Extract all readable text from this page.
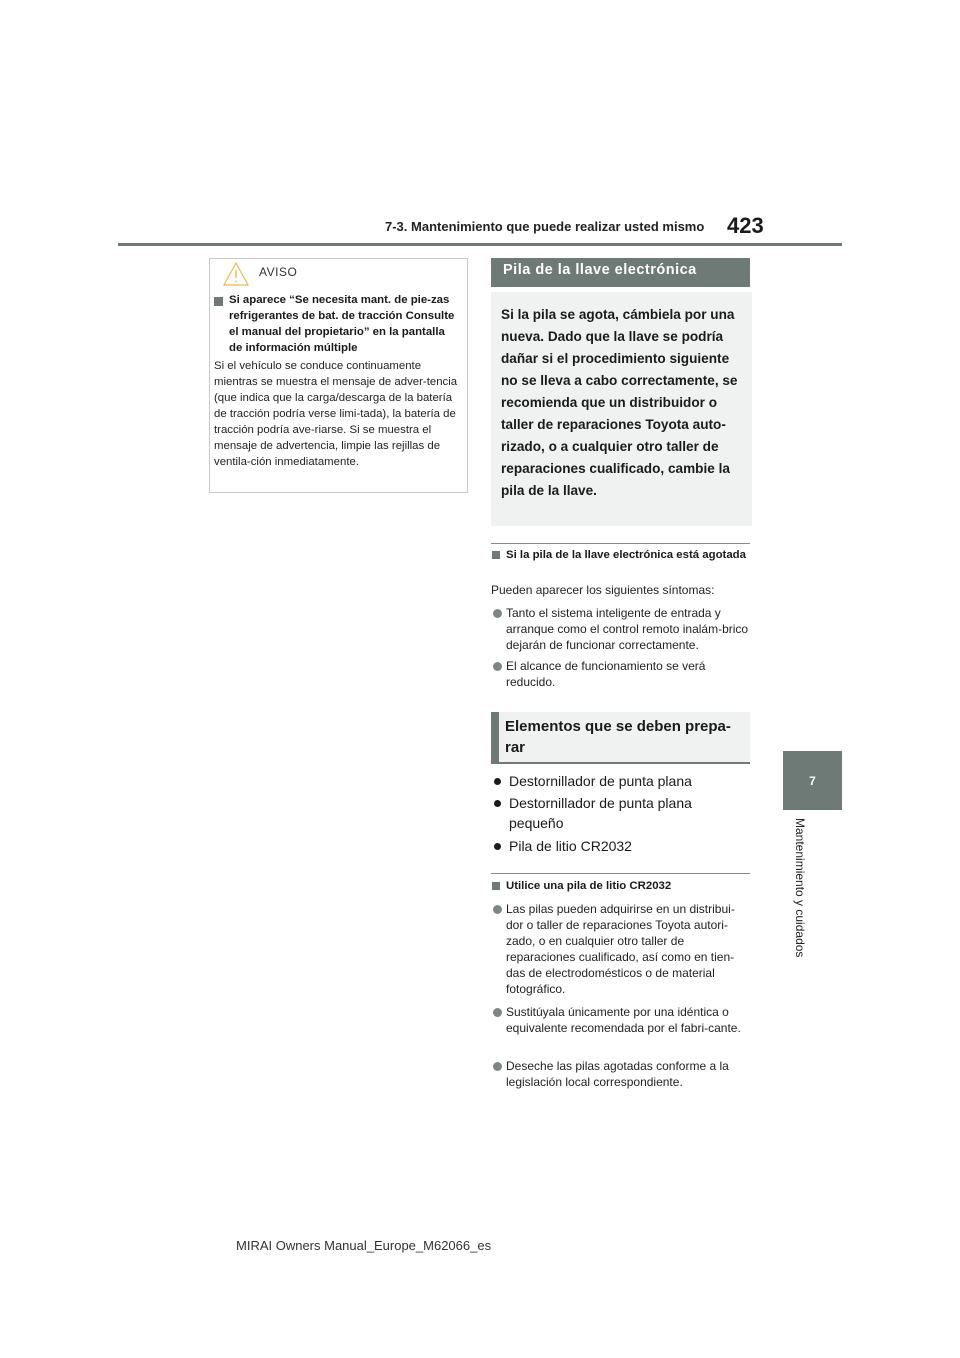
7-3. Mantenimiento que puede realizar usted mismo 423
7
Mantenimiento y cuidados
AVISO
Si aparece “Se necesita mant. de pie-zas refrigerantes de bat. de tracción Consulte el manual del propietario” en la pantalla de información múltiple
Si el vehículo se conduce continuamente mientras se muestra el mensaje de adver-tencia (que indica que la carga/descarga de la batería de tracción podría verse limi-tada), la batería de tracción podría ave-riarse. Si se muestra el mensaje de advertencia, limpie las rejillas de ventila-ción inmediatamente.
Pila de la llave electrónica
Si la pila se agota, cámbiela por una nueva. Dado que la llave se podría dañar si el procedimiento siguiente no se lleva a cabo correctamente, se recomienda que un distribuidor o taller de reparaciones Toyota auto-rizado, o a cualquier otro taller de reparaciones cualificado, cambie la pila de la llave.
Si la pila de la llave electrónica está agotada
Pueden aparecer los siguientes síntomas:
Tanto el sistema inteligente de entrada y arranque como el control remoto inalám-brico dejarán de funcionar correctamente.
El alcance de funcionamiento se verá reducido.
Elementos que se deben prepa-rar
Destornillador de punta plana
Destornillador de punta plana pequeño
Pila de litio CR2032
Utilice una pila de litio CR2032
Las pilas pueden adquirirse en un distribui-dor o taller de reparaciones Toyota autori-zado, o en cualquier otro taller de reparaciones cualificado, así como en tien-das de electrodomésticos o de material fotográfico.
Sustitúyala únicamente por una idéntica o equivalente recomendada por el fabri-cante.
Deseche las pilas agotadas conforme a la legislación local correspondiente.
MIRAI Owners Manual_Europe_M62066_es
